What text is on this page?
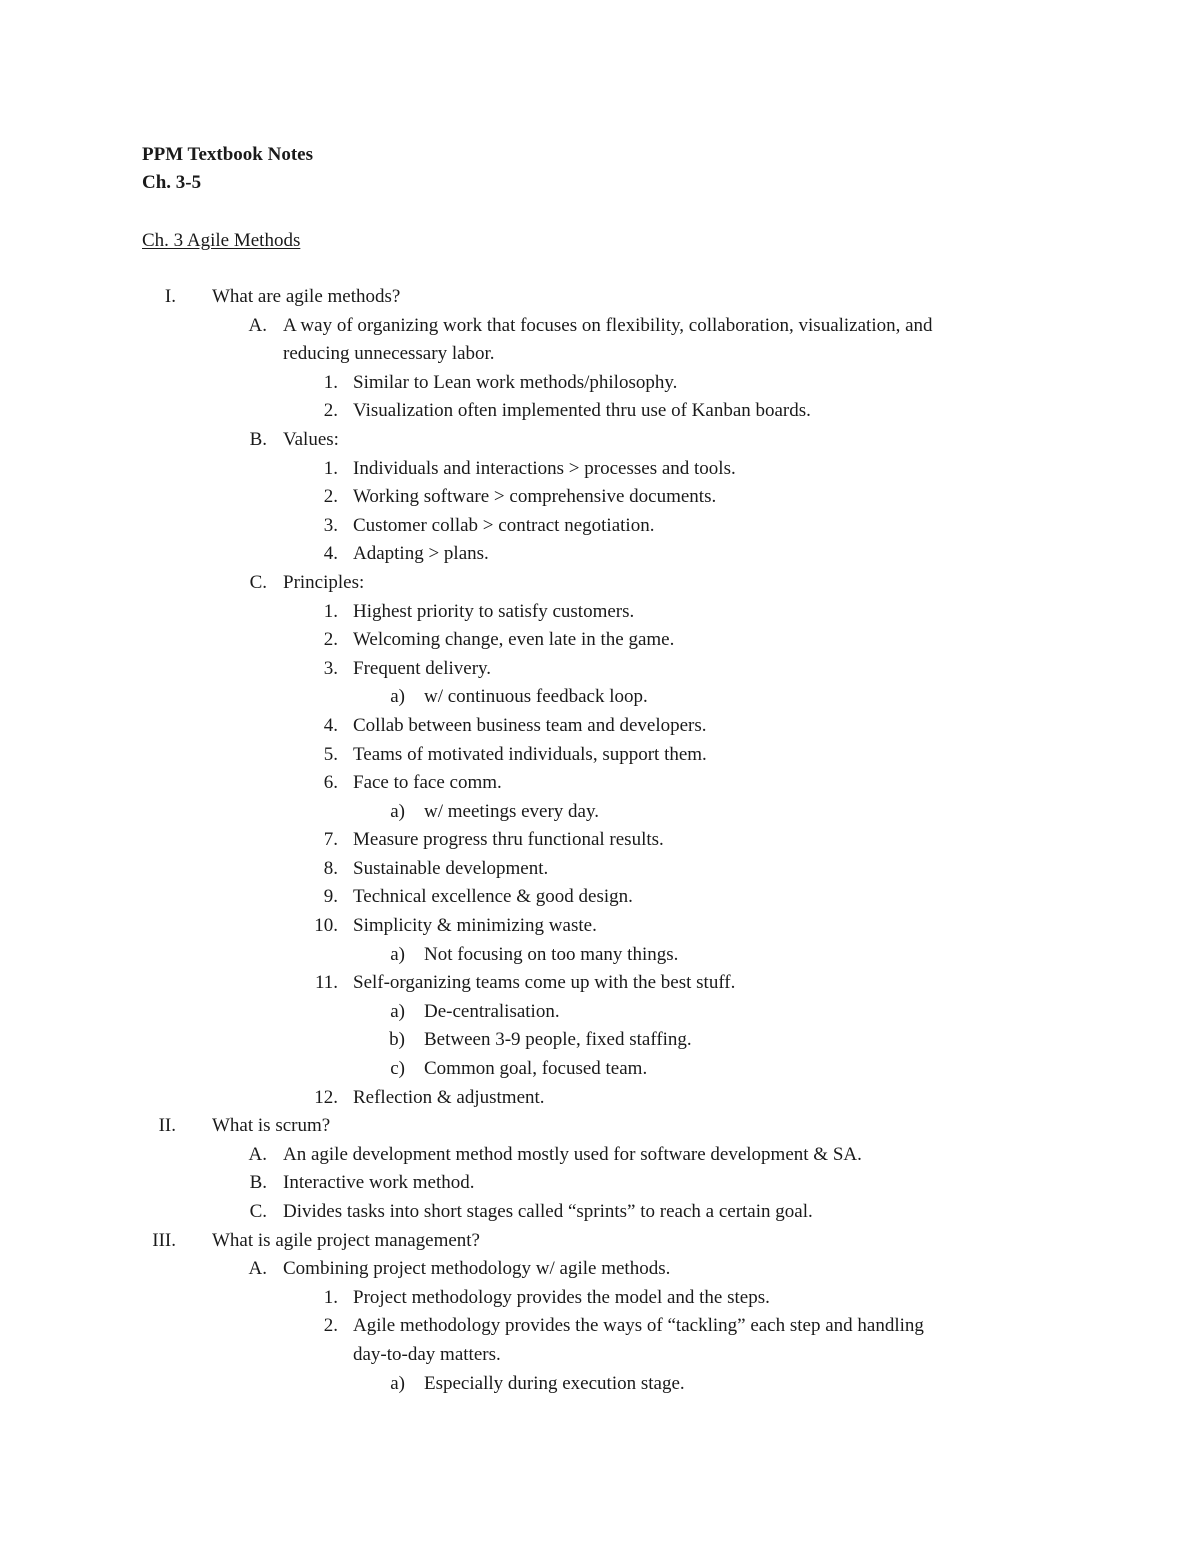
PPM Textbook Notes
Ch. 3-5
Ch. 3 Agile Methods
I. What are agile methods?
A. A way of organizing work that focuses on flexibility, collaboration, visualization, and
reducing unnecessary labor.
1. Similar to Lean work methods/philosophy.
2. Visualization often implemented thru use of Kanban boards.
B. Values:
1. Individuals and interactions > processes and tools.
2. Working software > comprehensive documents.
3. Customer collab > contract negotiation.
4. Adapting > plans.
C. Principles:
1. Highest priority to satisfy customers.
2. Welcoming change, even late in the game.
3. Frequent delivery.
a) w/ continuous feedback loop.
4. Collab between business team and developers.
5. Teams of motivated individuals, support them.
6. Face to face comm.
a) w/ meetings every day.
7. Measure progress thru functional results.
8. Sustainable development.
9. Technical excellence & good design.
10. Simplicity & minimizing waste.
a) Not focusing on too many things.
11. Self-organizing teams come up with the best stuff.
a) De-centralisation.
b) Between 3-9 people, fixed staffing.
c) Common goal, focused team.
12. Reflection & adjustment.
II. What is scrum?
A. An agile development method mostly used for software development & SA.
B. Interactive work method.
C. Divides tasks into short stages called “sprints” to reach a certain goal.
III. What is agile project management?
A. Combining project methodology w/ agile methods.
1. Project methodology provides the model and the steps.
2. Agile methodology provides the ways of “tackling” each step and handling
day-to-day matters.
a) Especially during execution stage.
